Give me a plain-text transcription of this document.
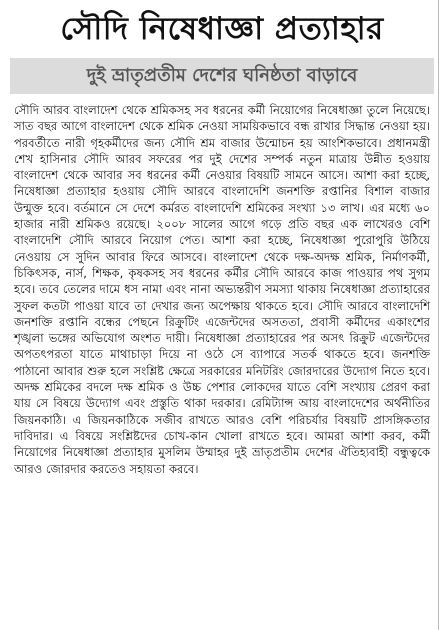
সৌদি নিষেধাজ্ঞা প্রত্যাহার
দুই ভ্রাতৃপ্রতীম দেশের ঘনিষ্ঠতা বাড়াবে

সৌদি আরব বাংলাদেশ থেকে শ্রমিকসহ সব ধরনের কর্মী নিয়োগের নিষেধাজ্ঞা তুলে নিয়েছে। সাত বছর আগে বাংলাদেশ থেকে শ্রমিক নেওয়া সাময়িকভাবে বন্ধ রাখার সিদ্ধান্ত নেওয়া হয়। পরবর্তীতে নারী গৃহকর্মীদের জন্য সৌদি শ্রম বাজার উন্মোচন হয় আংশিকভাবে। প্রধানমন্ত্রী শেখ হাসিনার সৌদি আরব সফরের পর দুই দেশের সম্পর্ক নতুন মাত্রায় উন্নীত হওয়ায় বাংলাদেশ থেকে আবার সব ধরনের কর্মী নেওয়ার বিষয়টি সামনে আসে। আশা করা হচ্ছে, নিষেধাজ্ঞা প্রত্যাহার হওয়ায় সৌদি আরবে বাংলাদেশি জনশক্তি রপ্তানির বিশাল বাজার উন্মুক্ত হবে। বর্তমানে সে দেশে কর্মরত বাংলাদেশি শ্রমিকের সংখ্যা ১৩ লাখ। এর মধ্যে ৬০ হাজার নারী শ্রমিকও রয়েছে। ২০০৮ সালের আগে গড়ে প্রতি বছর এক লাখেরও বেশি বাংলাদেশি সৌদি আরবে নিয়োগ পেত। আশা করা হচ্ছে, নিষেধাজ্ঞা পুরোপুরি উঠিয়ে নেওয়ায় সে সুদিন আবার ফিরে আসবে। বাংলাদেশ থেকে দক্ষ-অদক্ষ শ্রমিক, নির্মাণকর্মী, চিকিৎসক, নার্স, শিক্ষক, কৃষকসহ সব ধরনের কর্মীর সৌদি আরবে কাজ পাওয়ার পথ সুগম হবে। তবে তেলের দামে ধস নামা এবং নানা অভ্যন্তরীণ সমস্যা থাকায় নিষেধাজ্ঞা প্রত্যাহারের সুফল কতটা পাওয়া যাবে তা দেখার জন্য অপেক্ষায় থাকতে হবে। সৌদি আরবে বাংলাদেশি জনশক্তি রপ্তানি বন্ধের পেছনে রিক্রুটিং এজেন্টদের অসততা, প্রবাসী কর্মীদের একাংশের শৃঙ্খলা ভঙ্গের অভিযোগ অংশত দায়ী। নিষেধাজ্ঞা প্রত্যাহারের পর অসৎ রিক্রুট এজেন্টদের অপতৎপরতা যাতে মাথাচাড়া দিয়ে না ওঠে সে ব্যাপারে সতর্ক থাকতে হবে। জনশক্তি পাঠানো আবার শুরু হলে সংশ্লিষ্ট ক্ষেত্রে সরকারের মনিটরিং জোরদারের উদ্যোগ নিতে হবে। অদক্ষ শ্রমিকের বদলে দক্ষ শ্রমিক ও উচ্চ পেশার লোকদের যাতে বেশি সংখ্যায় প্রেরণ করা যায় সে বিষয়ে উদ্যোগ এবং প্রস্তুতি থাকা দরকার। রেমিট্যান্স আয় বাংলাদেশের অর্থনীতির জিয়নকাঠি। এ জিয়নকাঠিকে সজীব রাখতে আরও বেশি পরিচর্যার বিষয়টি প্রাসঙ্গিকতার দাবিদার। এ বিষয়ে সংশ্লিষ্টদের চোখ-কান খোলা রাখতে হবে। আমরা আশা করব, কর্মী নিয়োগের নিষেধাজ্ঞা প্রত্যাহার মুসলিম উম্মাহর দুই ভ্রাতৃপ্রতীম দেশের ঐতিহ্যবাহী বন্ধুত্বকে আরও জোরদার করতেও সহায়তা করবে।
